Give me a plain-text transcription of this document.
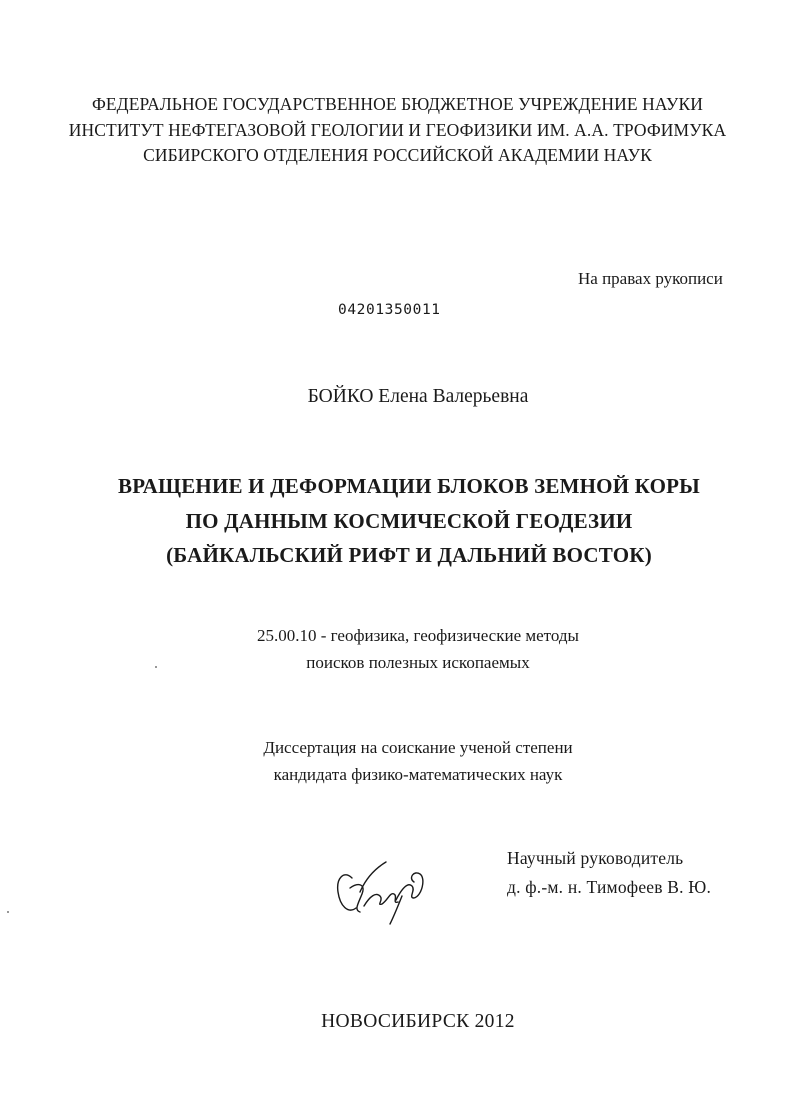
ФЕДЕРАЛЬНОЕ ГОСУДАРСТВЕННОЕ БЮДЖЕТНОЕ УЧРЕЖДЕНИЕ НАУКИ
ИНСТИТУТ НЕФТЕГАЗОВОЙ ГЕОЛОГИИ И ГЕОФИЗИКИ ИМ. А.А. ТРОФИМУКА
СИБИРСКОГО ОТДЕЛЕНИЯ РОССИЙСКОЙ АКАДЕМИИ НАУК
На правах рукописи
04201350011
БОЙКО Елена Валерьевна
ВРАЩЕНИЕ И ДЕФОРМАЦИИ БЛОКОВ ЗЕМНОЙ КОРЫ
ПО ДАННЫМ КОСМИЧЕСКОЙ ГЕОДЕЗИИ
(БАЙКАЛЬСКИЙ РИФТ И ДАЛЬНИЙ ВОСТОК)
25.00.10 - геофизика, геофизические методы
поисков полезных ископаемых
Диссертация на соискание ученой степени
кандидата физико-математических наук
Научный руководитель
д. ф.-м. н. Тимофеев В. Ю.
НОВОСИБИРСК 2012
